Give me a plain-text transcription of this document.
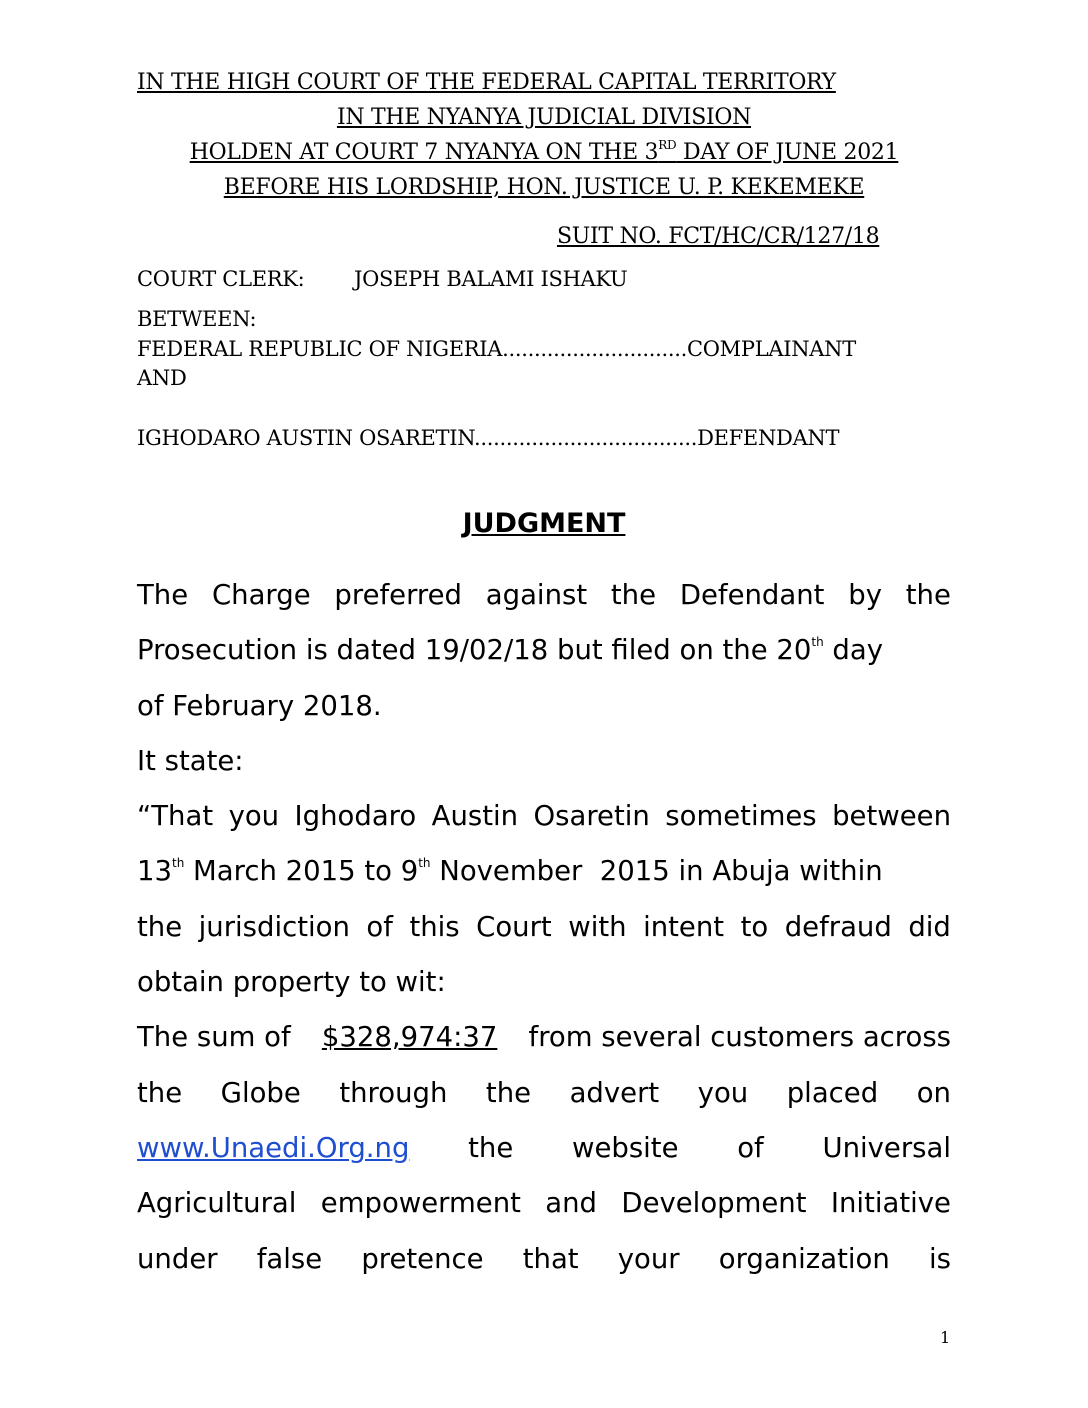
IN THE HIGH COURT OF THE FEDERAL CAPITAL TERRITORY
IN THE NYANYA JUDICIAL DIVISION
HOLDEN AT COURT 7 NYANYA ON THE 3RD DAY OF JUNE 2021
BEFORE HIS LORDSHIP, HON. JUSTICE U. P. KEKEMEKE
SUIT NO. FCT/HC/CR/127/18
COURT CLERK: JOSEPH BALAMI ISHAKU
BETWEEN:
FEDERAL REPUBLIC OF NIGERIA.............................COMPLAINANT
AND
IGHODARO AUSTIN OSARETIN...................................DEFENDANT
JUDGMENT
The Charge preferred against the Defendant by the
Prosecution is dated 19/02/18 but filed on the 20th day
of February 2018.
It state:
“That you Ighodaro Austin Osaretin sometimes between
13th March 2015 to 9th November  2015 in Abuja within
the jurisdiction of this Court with intent to defraud did
obtain property to wit:
The sum of $328,974:37 from several customers across
the Globe through the advert you placed on
www.Unaedi.Org.ng the website of Universal
Agricultural empowerment and Development Initiative
under false pretence that your organization is
1
